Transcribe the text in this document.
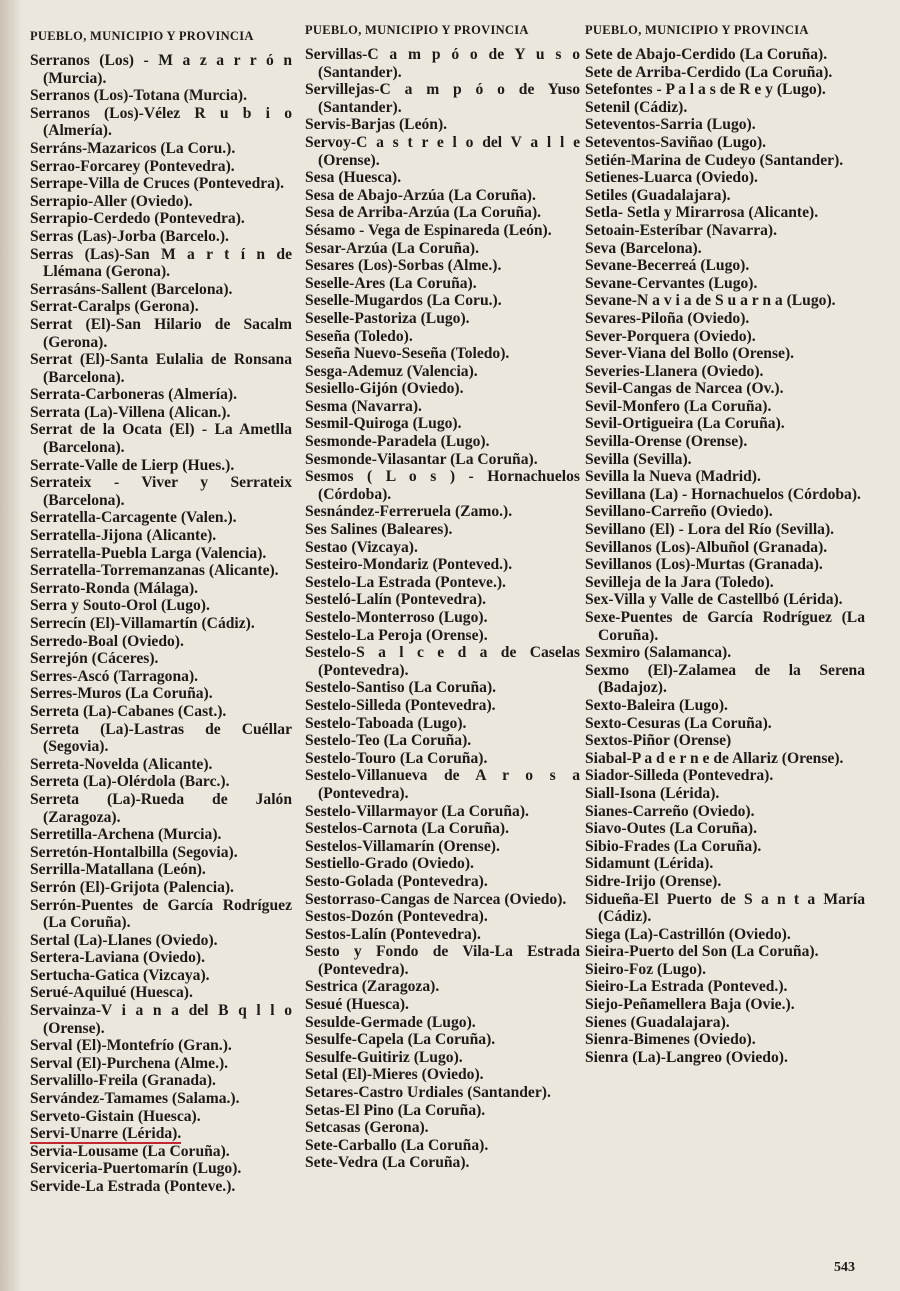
PUEBLO, MUNICIPIO Y PROVINCIA
Serranos (Los) - M a z a r r ó n (Murcia).
Serranos (Los)-Totana (Murcia).
Serranos (Los)-Vélez R u b i o (Almería).
Serráns-Mazaricos (La Coru.).
Serrao-Forcarey (Pontevedra).
Serrape-Villa de Cruces (Pontevedra).
Serrapio-Aller (Oviedo).
Serrapio-Cerdedo (Pontevedra).
Serras (Las)-Jorba (Barcelo.).
Serras (Las)-San M a r t í n de Llémana (Gerona).
Serrasáns-Sallent (Barcelona).
Serrat-Caralps (Gerona).
Serrat (El)-San Hilario de Sacalm (Gerona).
Serrat (El)-Santa Eulalia de Ronsana (Barcelona).
Serrata-Carboneras (Almería).
Serrata (La)-Villena (Alican.).
Serrat de la Ocata (El) - La Ametlla (Barcelona).
Serrate-Valle de Lierp (Hues.).
Serrateix - Viver y Serrateix (Barcelona).
Serratella-Carcagente (Valen.).
Serratella-Jijona (Alicante).
Serratella-Puebla Larga (Valencia).
Serratella-Torremanzanas (Alicante).
Serrato-Ronda (Málaga).
Serra y Souto-Orol (Lugo).
Serrecín (El)-Villamartín (Cádiz).
Serredo-Boal (Oviedo).
Serrejón (Cáceres).
Serres-Ascó (Tarragona).
Serres-Muros (La Coruña).
Serreta (La)-Cabanes (Cast.).
Serreta (La)-Lastras de Cuéllar (Segovia).
Serreta-Novelda (Alicante).
Serreta (La)-Olérdola (Barc.).
Serreta (La)-Rueda de Jalón (Zaragoza).
Serretilla-Archena (Murcia).
Serretón-Hontalbilla (Segovia).
Serrilla-Matallana (León).
Serrón (El)-Grijota (Palencia).
Serrón-Puentes de García Rodríguez (La Coruña).
Sertal (La)-Llanes (Oviedo).
Sertera-Laviana (Oviedo).
Sertucha-Gatica (Vizcaya).
Serué-Aquilué (Huesca).
Servainza-V i a n a del B q l l o (Orense).
Serval (El)-Montefrío (Gran.).
Serval (El)-Purchena (Alme.).
Servalillo-Freila (Granada).
Servández-Tamames (Salama.).
Serveto-Gistain (Huesca).
Servi-Unarre (Lérida).
Servia-Lousame (La Coruña).
Serviceria-Puertomarín (Lugo).
Servide-La Estrada (Ponteve.).
PUEBLO, MUNICIPIO Y PROVINCIA
Servillas-C a m p ó o de Y u s o (Santander).
Servillejas-C a m p ó o de Yuso (Santander).
Servis-Barjas (León).
Servoy-C a s t r e l o del V a l l e (Orense).
Sesa (Huesca).
Sesa de Abajo-Arzúa (La Coruña).
Sesa de Arriba-Arzúa (La Coruña).
Sésamo - Vega de Espinareda (León).
Sesar-Arzúa (La Coruña).
Sesares (Los)-Sorbas (Alme.).
Seselle-Ares (La Coruña).
Seselle-Mugardos (La Coru.).
Seselle-Pastoriza (Lugo).
Seseña (Toledo).
Seseña Nuevo-Seseña (Toledo).
Sesga-Ademuz (Valencia).
Sesiello-Gijón (Oviedo).
Sesma (Navarra).
Sesmil-Quiroga (Lugo).
Sesmonde-Paradela (Lugo).
Sesmonde-Vilasantar (La Coruña).
Sesmos ( L o s ) - Hornachuelos (Córdoba).
Sesnández-Ferreruela (Zamo.).
Ses Salines (Baleares).
Sestao (Vizcaya).
Sesteiro-Mondariz (Ponteved.).
Sestelo-La Estrada (Ponteve.).
Sesteló-Lalín (Pontevedra).
Sestelo-Monterroso (Lugo).
Sestelo-La Peroja (Orense).
Sestelo-S a l c e d a de Caselas (Pontevedra).
Sestelo-Santiso (La Coruña).
Sestelo-Silleda (Pontevedra).
Sestelo-Taboada (Lugo).
Sestelo-Teo (La Coruña).
Sestelo-Touro (La Coruña).
Sestelo-Villanueva de A r o s a (Pontevedra).
Sestelo-Villarmayor (La Coruña).
Sestelos-Carnota (La Coruña).
Sestelos-Villamarín (Orense).
Sestiello-Grado (Oviedo).
Sesto-Golada (Pontevedra).
Sestorraso-Cangas de Narcea (Oviedo).
Sestos-Dozón (Pontevedra).
Sestos-Lalín (Pontevedra).
Sesto y Fondo de Vila-La Estrada (Pontevedra).
Sestrica (Zaragoza).
Sesué (Huesca).
Sesulde-Germade (Lugo).
Sesulfe-Capela (La Coruña).
Sesulfe-Guitiriz (Lugo).
Setal (El)-Mieres (Oviedo).
Setares-Castro Urdiales (Santander).
Setas-El Pino (La Coruña).
Setcasas (Gerona).
Sete-Carballo (La Coruña).
Sete-Vedra (La Coruña).
PUEBLO, MUNICIPIO Y PROVINCIA
Sete de Abajo-Cerdido (La Coruña).
Sete de Arriba-Cerdido (La Coruña).
Setefontes - P a l a s de R e y (Lugo).
Setenil (Cádiz).
Seteventos-Sarria (Lugo).
Seteventos-Saviñao (Lugo).
Setién-Marina de Cudeyo (Santander).
Setienes-Luarca (Oviedo).
Setiles (Guadalajara).
Setla- Setla y Mirarrosa (Alicante).
Setoain-Esteríbar (Navarra).
Seva (Barcelona).
Sevane-Becerreá (Lugo).
Sevane-Cervantes (Lugo).
Sevane-N a v i a de S u a r n a (Lugo).
Sevares-Piloña (Oviedo).
Sever-Porquera (Oviedo).
Sever-Viana del Bollo (Orense).
Severies-Llanera (Oviedo).
Sevil-Cangas de Narcea (Ov.).
Sevil-Monfero (La Coruña).
Sevil-Ortigueira (La Coruña).
Sevilla-Orense (Orense).
Sevilla (Sevilla).
Sevilla la Nueva (Madrid).
Sevillana (La) - Hornachuelos (Córdoba).
Sevillano-Carreño (Oviedo).
Sevillano (El) - Lora del Río (Sevilla).
Sevillanos (Los)-Albuñol (Granada).
Sevillanos (Los)-Murtas (Granada).
Sevilleja de la Jara (Toledo).
Sex-Villa y Valle de Castellbó (Lérida).
Sexe-Puentes de García Rodríguez (La Coruña).
Sexmiro (Salamanca).
Sexmo (El)-Zalamea de la Serena (Badajoz).
Sexto-Baleira (Lugo).
Sexto-Cesuras (La Coruña).
Sextos-Piñor (Orense)
Siabal-P a d e r n e de Allariz (Orense).
Siador-Silleda (Pontevedra).
Siall-Isona (Lérida).
Sianes-Carreño (Oviedo).
Siavo-Outes (La Coruña).
Sibio-Frades (La Coruña).
Sidamunt (Lérida).
Sidre-Irijo (Orense).
Sidueña-El Puerto de S a n t a María (Cádiz).
Siega (La)-Castrillón (Oviedo).
Sieira-Puerto del Son (La Coruña).
Sieiro-Foz (Lugo).
Sieiro-La Estrada (Ponteved.).
Siejo-Peñamellera Baja (Ovie.).
Sienes (Guadalajara).
Sienra-Bimenes (Oviedo).
Sienra (La)-Langreo (Oviedo).
543
